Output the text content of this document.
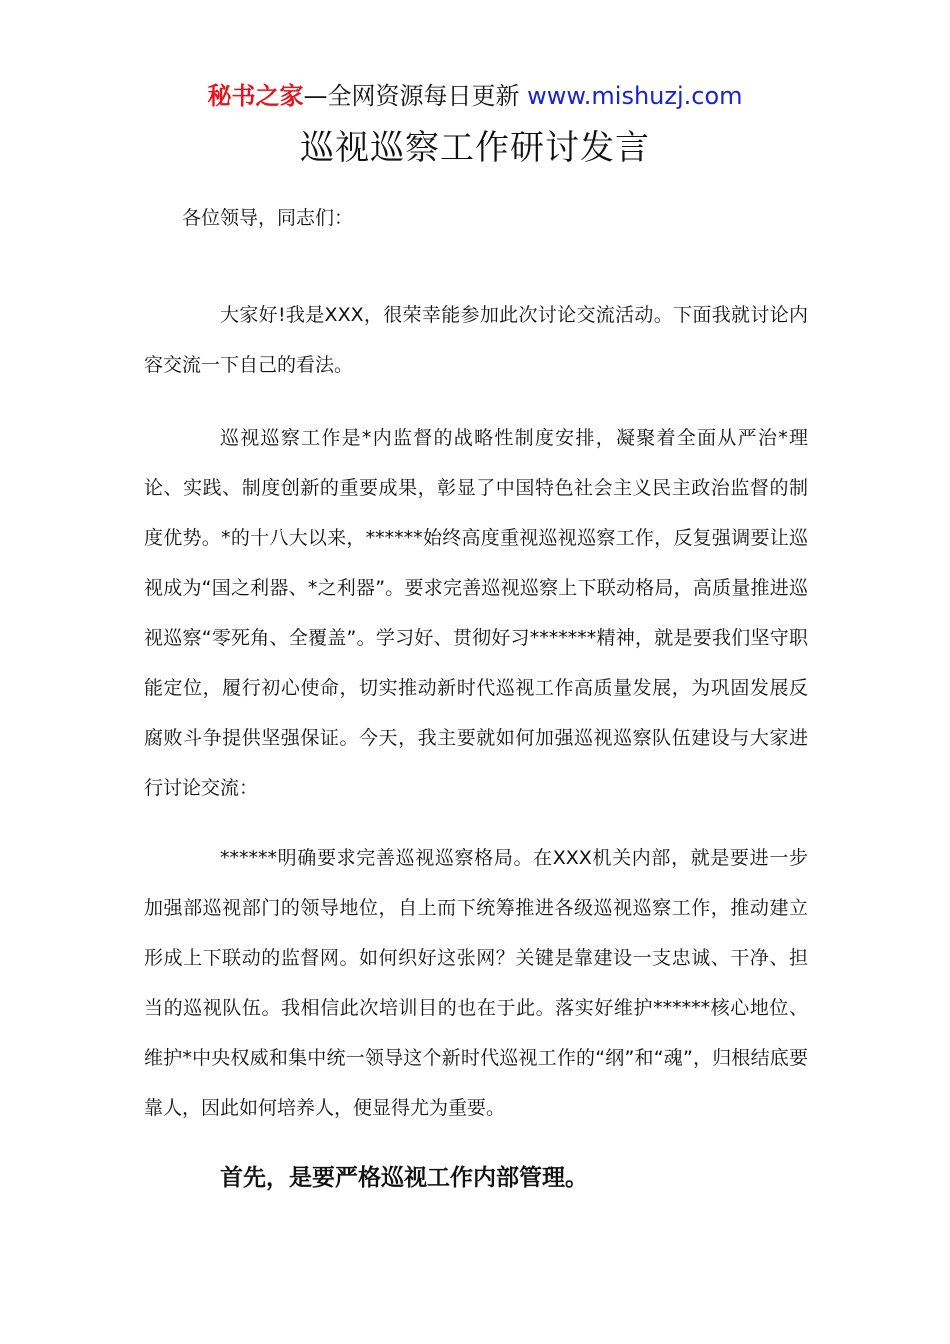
秘书之家—全网资源每日更新 www.mishuzj.com
巡视巡察工作研讨发言

各位领导，同志们：

大家好!我是XXX，很荣幸能参加此次讨论交流活动。下面我就讨论内容交流一下自己的看法。

巡视巡察工作是*内监督的战略性制度安排，凝聚着全面从严治*理论、实践、制度创新的重要成果，彰显了中国特色社会主义民主政治监督的制度优势。*的十八大以来，******始终高度重视巡视巡察工作，反复强调要让巡视成为“国之利器、*之利器”。要求完善巡视巡察上下联动格局，高质量推进巡视巡察“零死角、全覆盖”。学习好、贯彻好习*******精神，就是要我们坚守职能定位，履行初心使命，切实推动新时代巡视工作高质量发展，为巩固发展反腐败斗争提供坚强保证。今天，我主要就如何加强巡视巡察队伍建设与大家进行讨论交流：

******明确要求完善巡视巡察格局。在XXX机关内部，就是要进一步加强部巡视部门的领导地位，自上而下统筹推进各级巡视巡察工作，推动建立形成上下联动的监督网。如何织好这张网？关键是靠建设一支忠诚、干净、担当的巡视队伍。我相信此次培训目的也在于此。落实好维护******核心地位、维护*中央权威和集中统一领导这个新时代巡视工作的“纲”和“魂”，归根结底要靠人，因此如何培养人，便显得尤为重要。

首先，是要严格巡视工作内部管理。
